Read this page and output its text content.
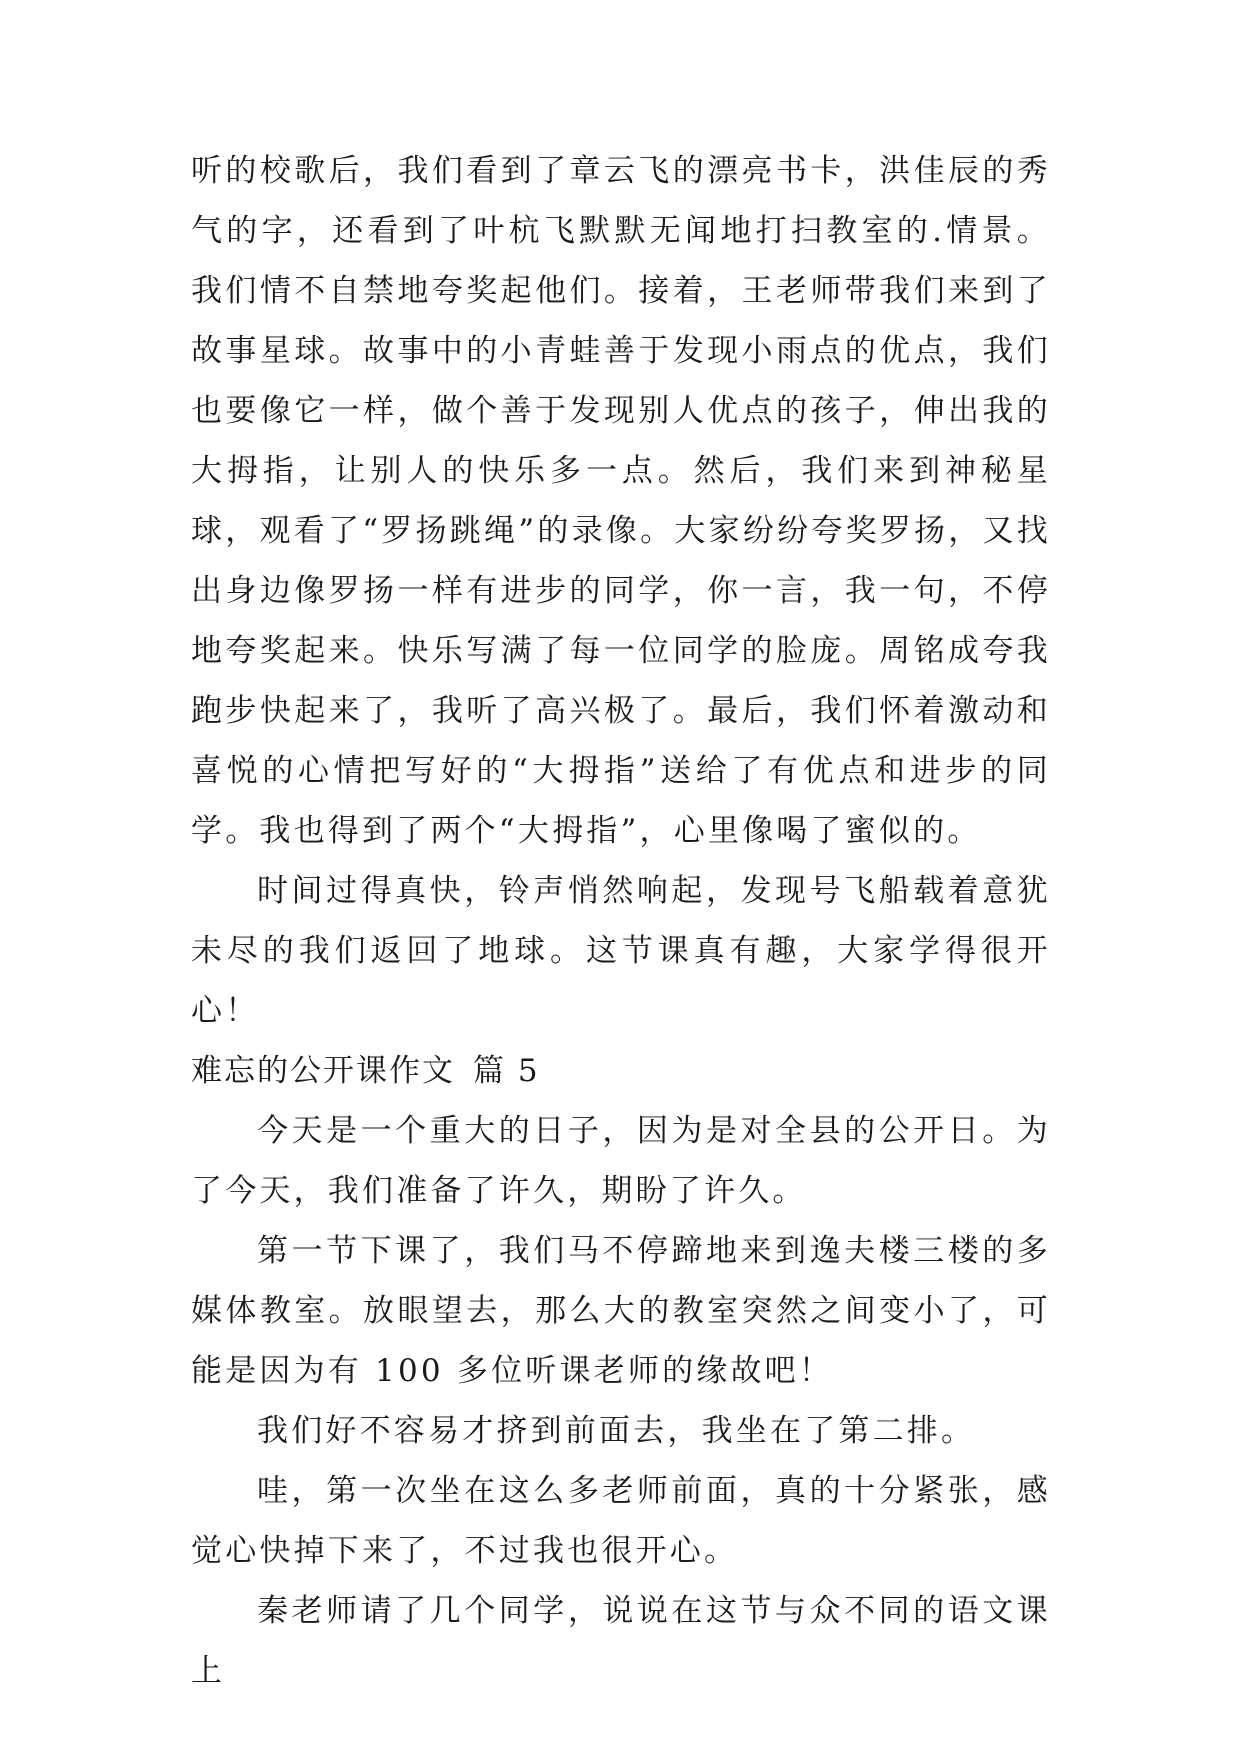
听的校歌后，我们看到了章云飞的漂亮书卡，洪佳辰的秀气的字，还看到了叶杭飞默默无闻地打扫教室的.情景。我们情不自禁地夸奖起他们。接着，王老师带我们来到了故事星球。故事中的小青蛙善于发现小雨点的优点，我们也要像它一样，做个善于发现别人优点的孩子，伸出我的大拇指，让别人的快乐多一点。然后，我们来到神秘星球，观看了“罗扬跳绳”的录像。大家纷纷夸奖罗扬，又找出身边像罗扬一样有进步的同学，你一言，我一句，不停地夸奖起来。快乐写满了每一位同学的脸庞。周铭成夸我跑步快起来了，我听了高兴极了。最后，我们怀着激动和喜悦的心情把写好的“大拇指”送给了有优点和进步的同学。我也得到了两个“大拇指”，心里像喝了蜜似的。

时间过得真快，铃声悄然响起，发现号飞船载着意犹未尽的我们返回了地球。这节课真有趣，大家学得很开心！

难忘的公开课作文 篇 5

今天是一个重大的日子，因为是对全县的公开日。为了今天，我们准备了许久，期盼了许久。

第一节下课了，我们马不停蹄地来到逸夫楼三楼的多媒体教室。放眼望去，那么大的教室突然之间变小了，可能是因为有 100 多位听课老师的缘故吧！

我们好不容易才挤到前面去，我坐在了第二排。

哇，第一次坐在这么多老师前面，真的十分紧张，感觉心快掉下来了，不过我也很开心。

秦老师请了几个同学，说说在这节与众不同的语文课上
